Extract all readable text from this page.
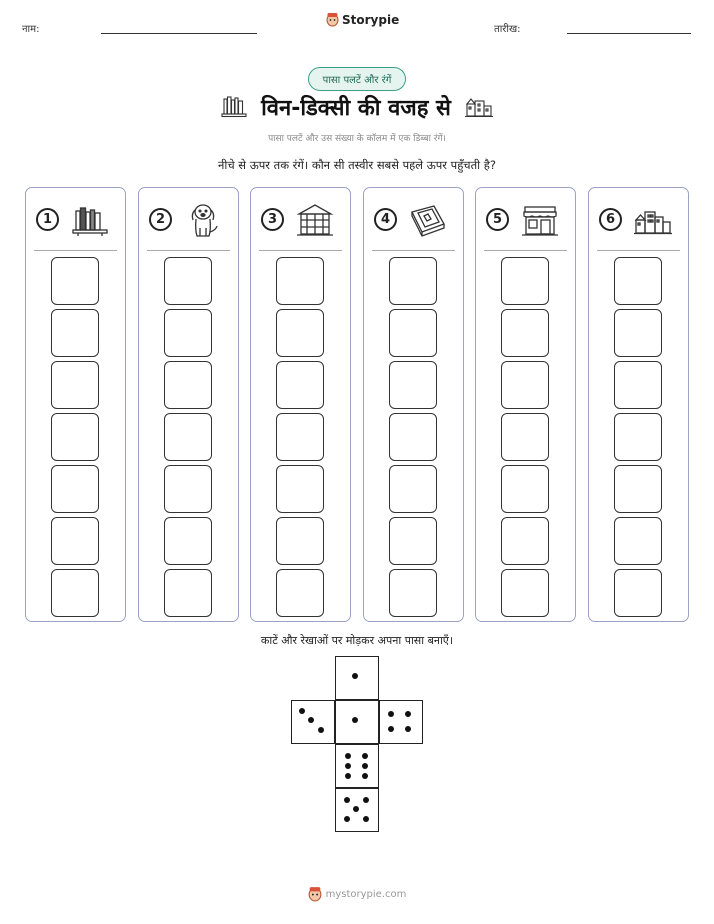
नाम:
Storypie
तारीख:
पासा पलटें और रंगें
विन-डिक्सी की वजह से
पासा पलटें और उस संख्या के कॉलम में एक डिब्बा रंगें।
नीचे से ऊपर तक रंगें। कौन सी तस्वीर सबसे पहले ऊपर पहुँचती है?
1	2	3	4	5	6
काटें और रेखाओं पर मोड़कर अपना पासा बनाएँ।
mystorypie.com
